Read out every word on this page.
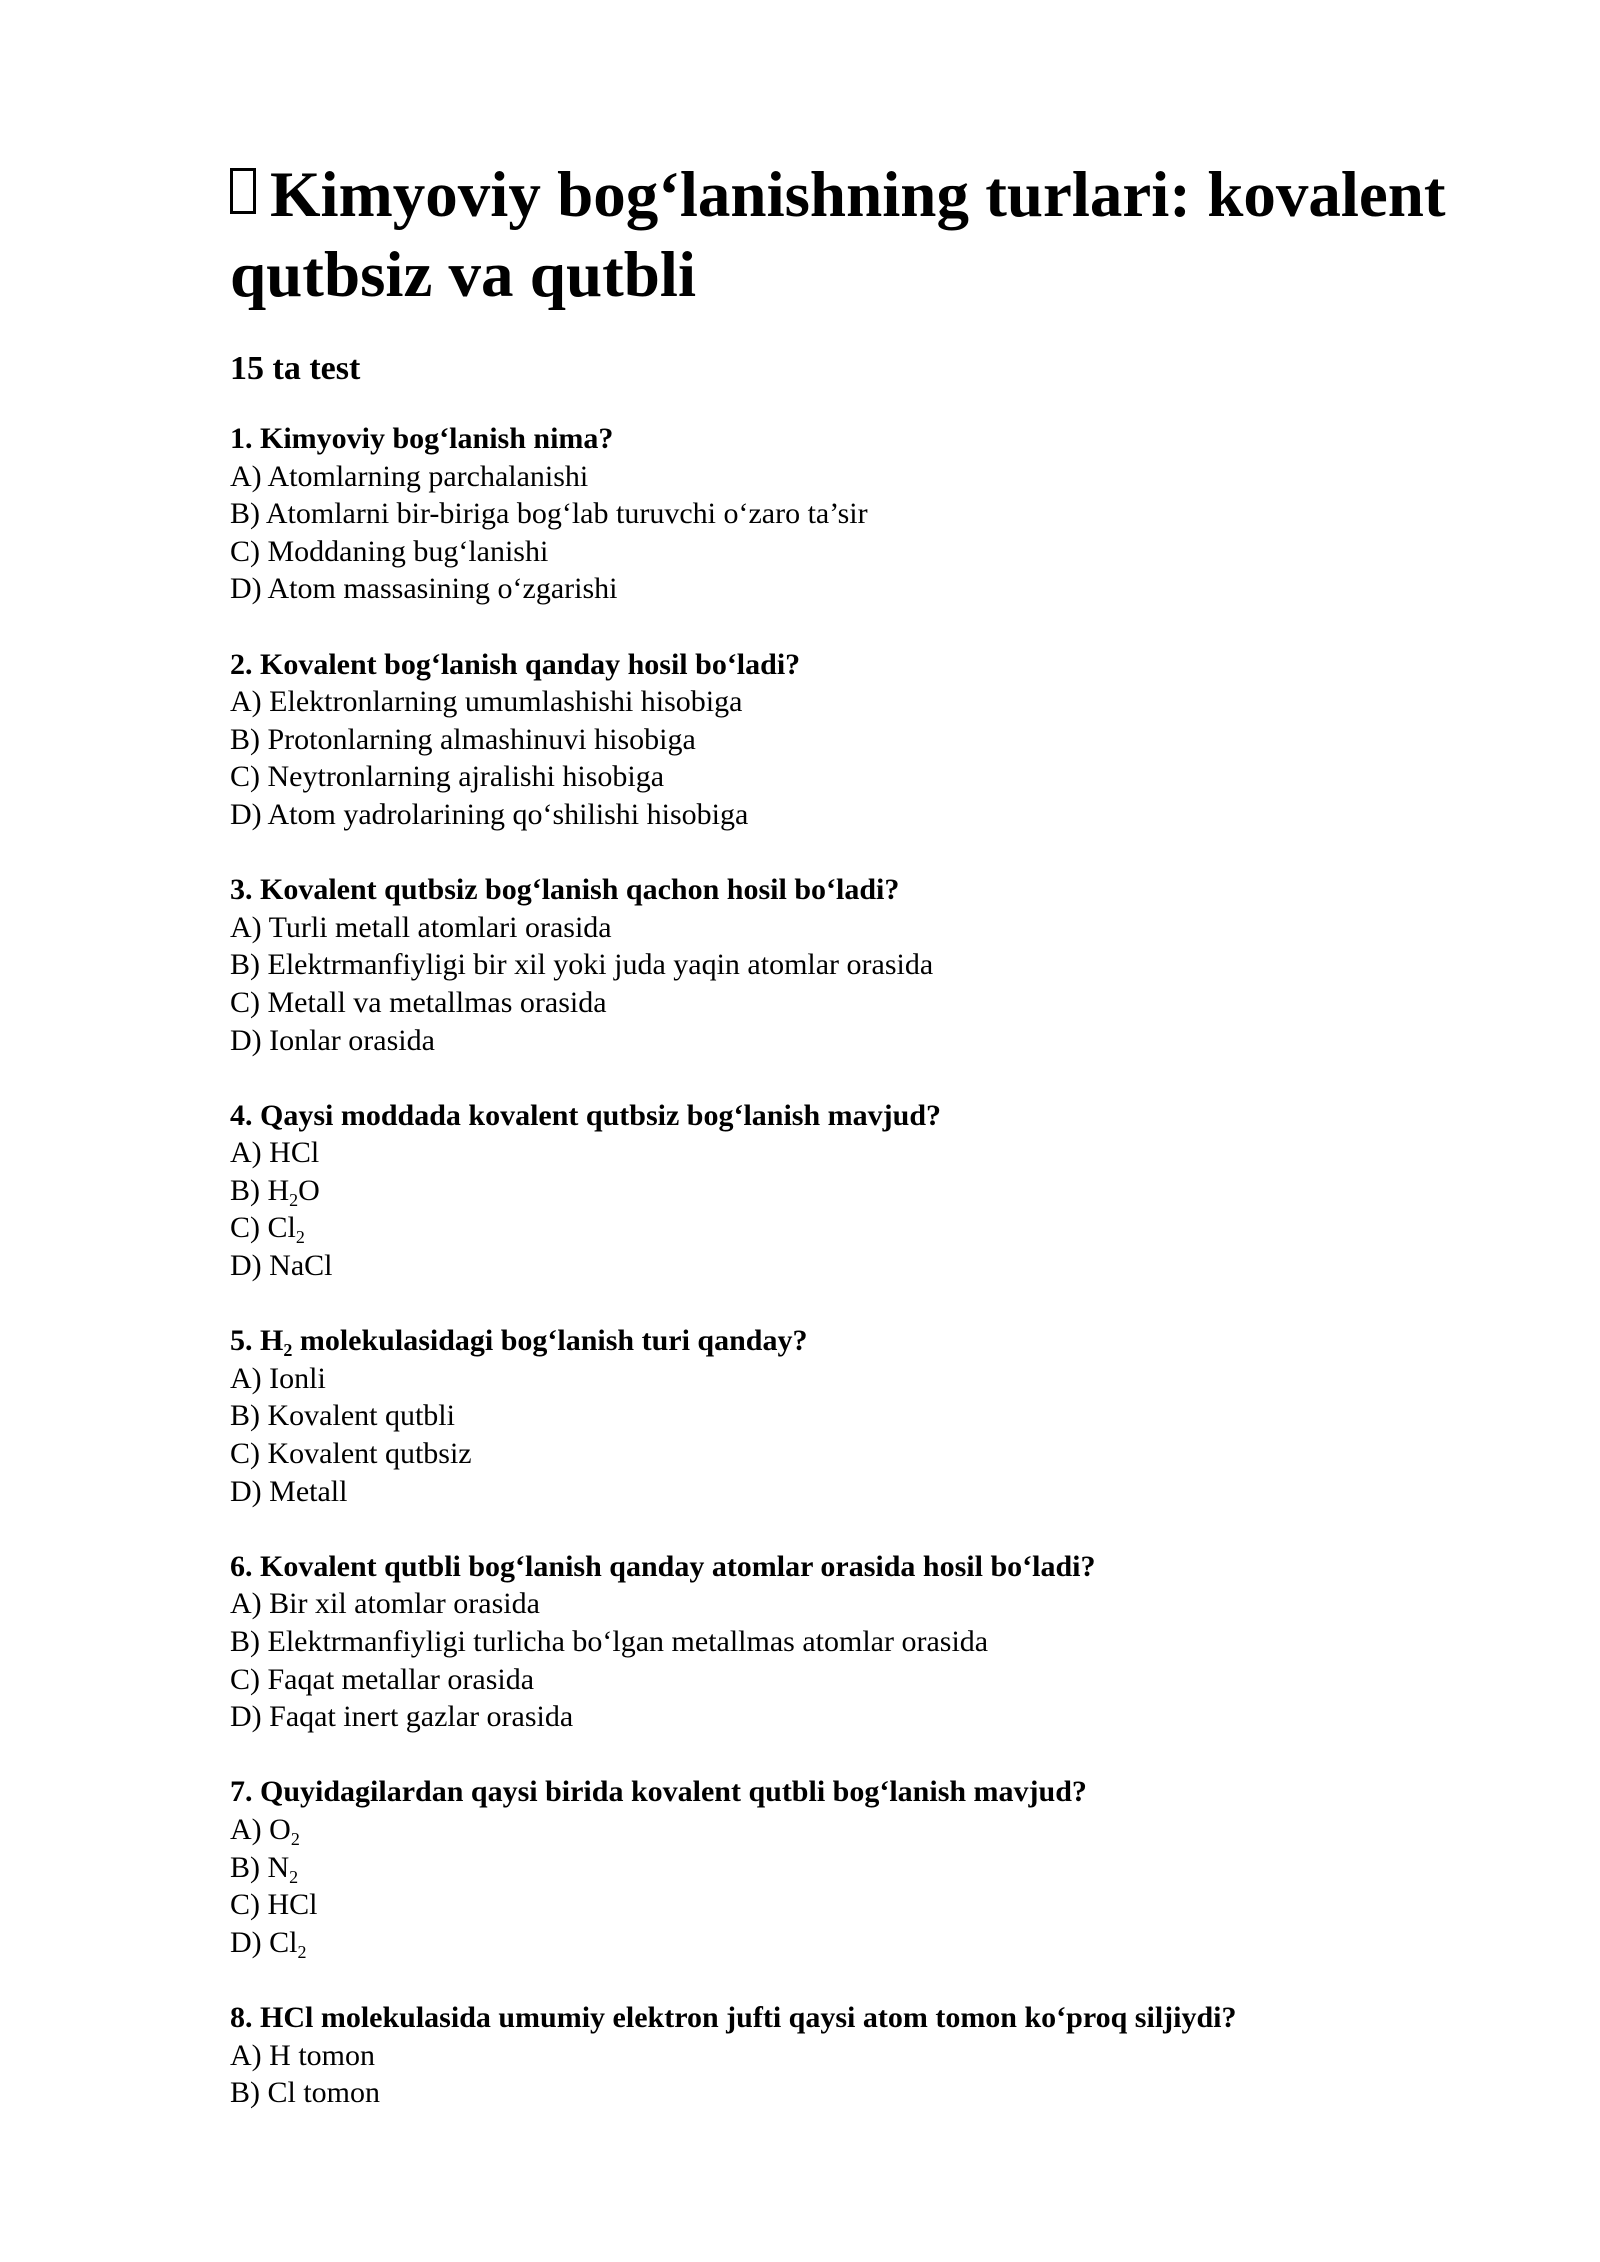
Kimyoviy bog‘lanishning turlari: kovalent qutbsiz va qutbli
15 ta test
1. Kimyoviy bog‘lanish nima?
A) Atomlarning parchalanishi
B) Atomlarni bir-biriga bog‘lab turuvchi o‘zaro ta’sir
C) Moddaning bug‘lanishi
D) Atom massasining o‘zgarishi
2. Kovalent bog‘lanish qanday hosil bo‘ladi?
A) Elektronlarning umumlashishi hisobiga
B) Protonlarning almashinuvi hisobiga
C) Neytronlarning ajralishi hisobiga
D) Atom yadrolarining qo‘shilishi hisobiga
3. Kovalent qutbsiz bog‘lanish qachon hosil bo‘ladi?
A) Turli metall atomlari orasida
B) Elektrmanfiyligi bir xil yoki juda yaqin atomlar orasida
C) Metall va metallmas orasida
D) Ionlar orasida
4. Qaysi moddada kovalent qutbsiz bog‘lanish mavjud?
A) HCl
B) $H_2O$
C) $Cl_2$
D) NaCl
5. $H_2$ molekulasidagi bog‘lanish turi qanday?
A) Ionli
B) Kovalent qutbli
C) Kovalent qutbsiz
D) Metall
6. Kovalent qutbli bog‘lanish qanday atomlar orasida hosil bo‘ladi?
A) Bir xil atomlar orasida
B) Elektrmanfiyligi turlicha bo‘lgan metallmas atomlar orasida
C) Faqat metallar orasida
D) Faqat inert gazlar orasida
7. Quyidagilardan qaysi birida kovalent qutbli bog‘lanish mavjud?
A) $O_2$
B) $N_2$
C) HCl
D) $Cl_2$
8. HCl molekulasida umumiy elektron jufti qaysi atom tomon ko‘proq siljiydi?
A) H tomon
B) Cl tomon
